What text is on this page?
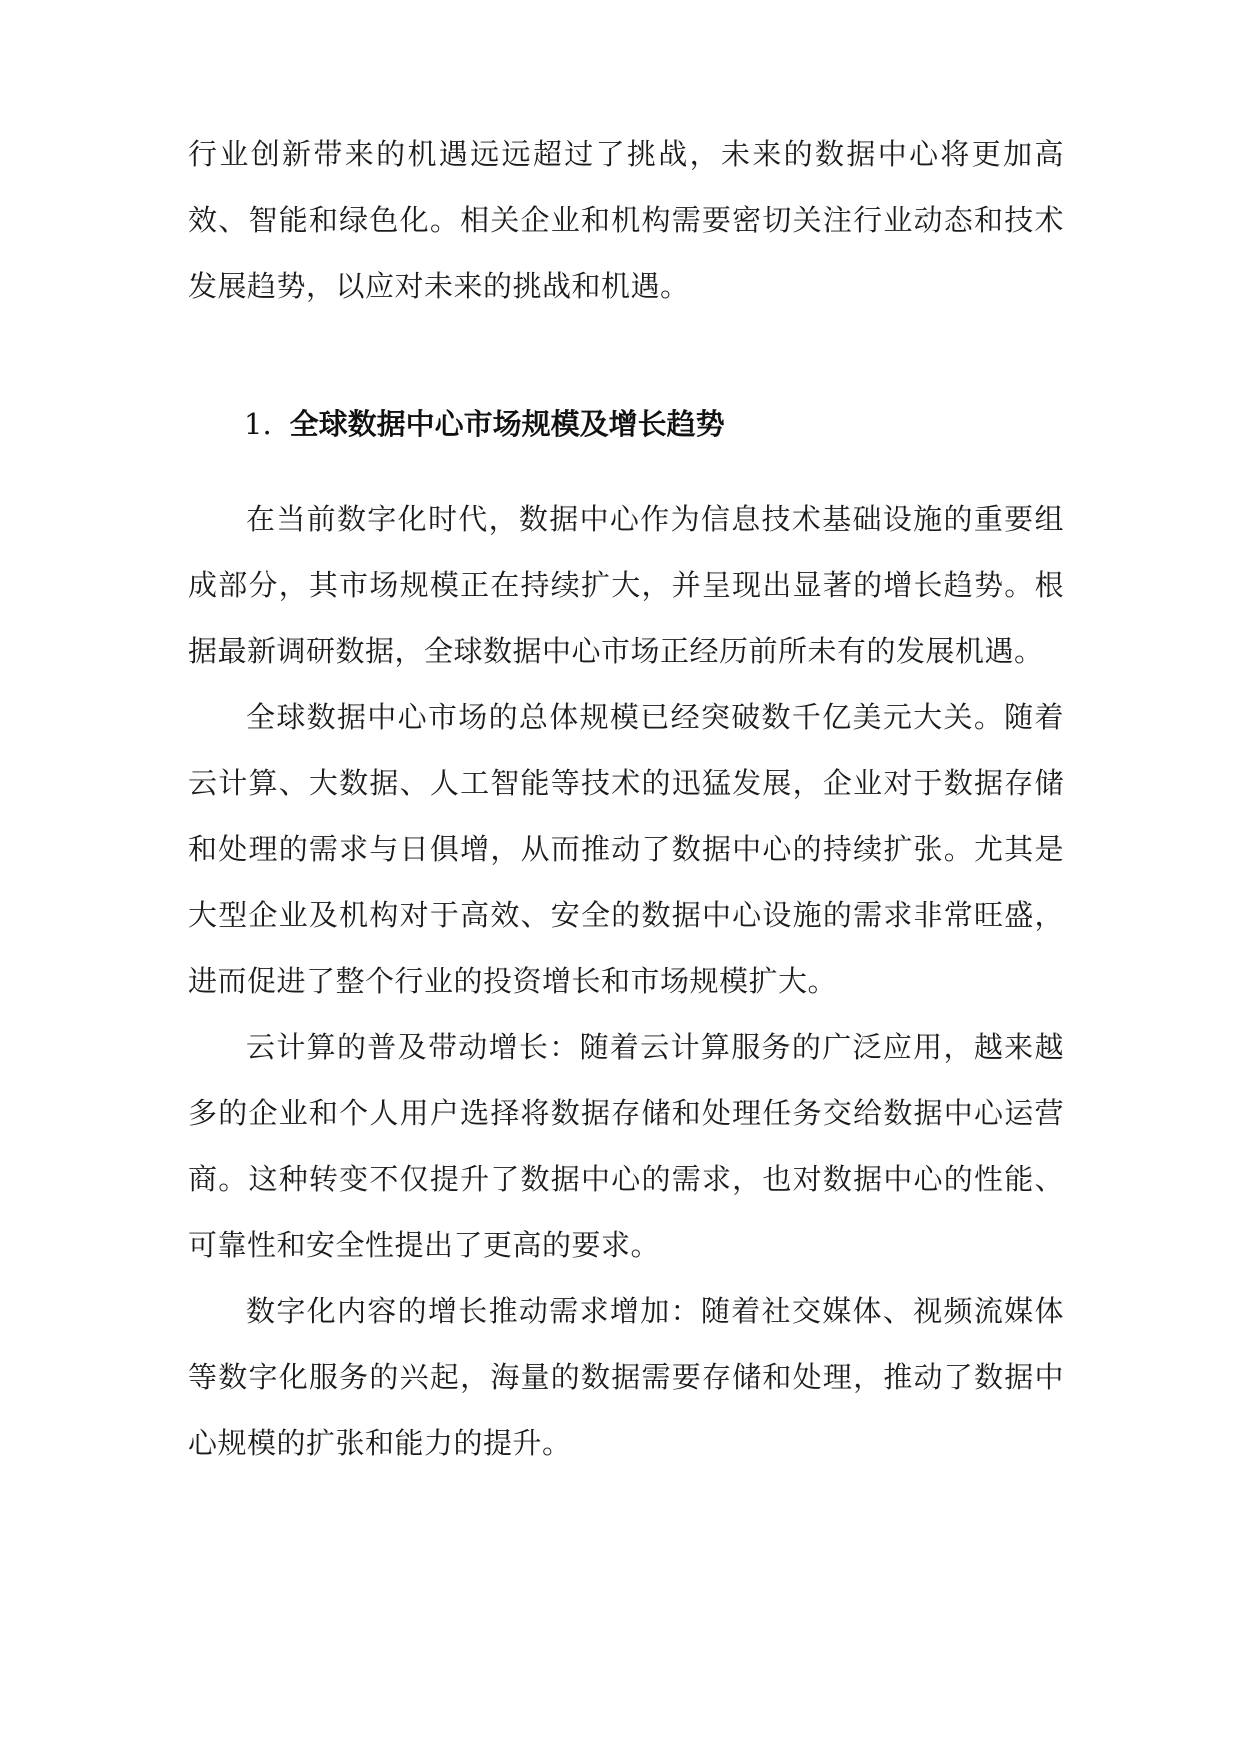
行业创新带来的机遇远远超过了挑战，未来的数据中心将更加高效、智能和绿色化。相关企业和机构需要密切关注行业动态和技术发展趋势，以应对未来的挑战和机遇。

1. 全球数据中心市场规模及增长趋势

在当前数字化时代，数据中心作为信息技术基础设施的重要组成部分，其市场规模正在持续扩大，并呈现出显著的增长趋势。根据最新调研数据，全球数据中心市场正经历前所未有的发展机遇。

全球数据中心市场的总体规模已经突破数千亿美元大关。随着云计算、大数据、人工智能等技术的迅猛发展，企业对于数据存储和处理的需求与日俱增，从而推动了数据中心的持续扩张。尤其是大型企业及机构对于高效、安全的数据中心设施的需求非常旺盛，进而促进了整个行业的投资增长和市场规模扩大。

云计算的普及带动增长：随着云计算服务的广泛应用，越来越多的企业和个人用户选择将数据存储和处理任务交给数据中心运营商。这种转变不仅提升了数据中心的需求，也对数据中心的性能、可靠性和安全性提出了更高的要求。

数字化内容的增长推动需求增加：随着社交媒体、视频流媒体等数字化服务的兴起，海量的数据需要存储和处理，推动了数据中心规模的扩张和能力的提升。
